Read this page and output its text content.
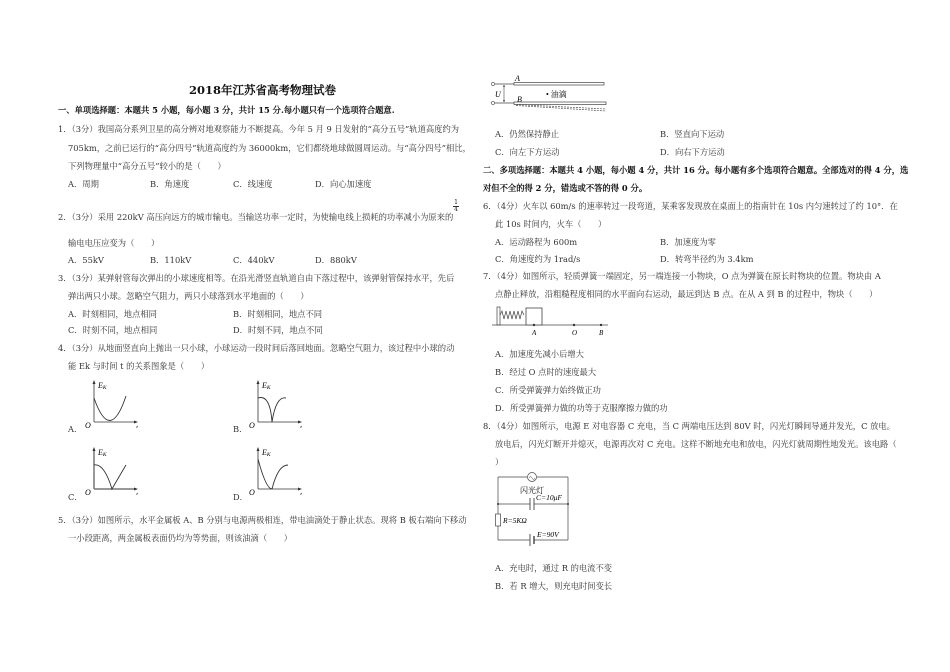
2018年江苏省高考物理试卷
一、单项选择题：本题共 5 小题，每小题 3 分，共计 15 分.每小题只有一个选项符合题意.
1．（3分）我国高分系列卫星的高分辨对地观察能力不断提高。今年 5 月 9 日发射的“高分五号”轨道高度约为
705km，之前已运行的“高分四号”轨道高度约为 36000km，它们都绕地球做圆周运动。与“高分四号”相比，
下列物理量中“高分五号”较小的是（　　）
A．周期	B．角速度	C．线速度	D．向心加速度
$\frac{1}{4}$
2．（3分）采用 220kV 高压向远方的城市输电。当输送功率一定时，为使输电线上损耗的功率减小为原来的
输电电压应变为（　　）
A．55kV	B．110kV	C．440kV	D．880kV
3．（3分）某弹射管每次弹出的小球速度相等。在沿光滑竖直轨道自由下落过程中，该弹射管保持水平，先后
弹出两只小球。忽略空气阻力，两只小球落到水平地面的（　　）
A．时刻相同，地点相同	B．时刻相同，地点不同
C．时刻不同，地点相同	D．时刻不同，地点不同
4．（3分）从地面竖直向上抛出一只小球，小球运动一段时间后落回地面。忽略空气阻力，该过程中小球的动
能 Ek 与时间 t 的关系图象是（　　）
A．
EK
O	t	B．
EK
O	t
C．
EK
O	t	D．
EK
O	t
5．（3分）如图所示，水平金属板 A、B 分别与电源两极相连，带电油滴处于静止状态。现将 B 板右端向下移动
一小段距离，两金属板表面仍均为等势面，则该油滴（　　）
U
A
B
• 油滴
A．仍然保持静止	B．竖直向下运动
C．向左下方运动	D．向右下方运动
二、多项选择题：本题共 4 小题，每小题 4 分，共计 16 分。每小题有多个选项符合题意。全部选对的得 4 分，选
对但不全的得 2 分，错选或不答的得 0 分。
6．（4分）火车以 60m/s 的速率转过一段弯道，某乘客发现放在桌面上的指南针在 10s 内匀速转过了约 10°．在
此 10s 时间内，火车（　　）
A．运动路程为 600m	B．加速度为零
C．角速度约为 1rad/s	D．转弯半径约为 3.4km
7．（4分）如图所示，轻质弹簧一端固定，另一端连接一小物块，O 点为弹簧在原长时物块的位置。物块由 A
点静止释放，沿粗糙程度相同的水平面向右运动，最远到达 B 点。在从 A 到 B 的过程中，物块（　　）
A	O	B
A．加速度先减小后增大
B．经过 O 点时的速度最大
C．所受弹簧弹力始终做正功
D．所受弹簧弹力做的功等于克服摩擦力做的功
8．（4分）如图所示，电源 E 对电容器 C 充电，当 C 两端电压达到 80V 时，闪光灯瞬间导通并发光，C 放电。
放电后，闪光灯断开并熄灭，电源再次对 C 充电。这样不断地充电和放电，闪光灯就周期性地发光。该电路（
）
闪光灯
C=10μF
R=5KΩ
E=90V
A．充电时，通过 R 的电流不变
B．若 R 增大，则充电时间变长
